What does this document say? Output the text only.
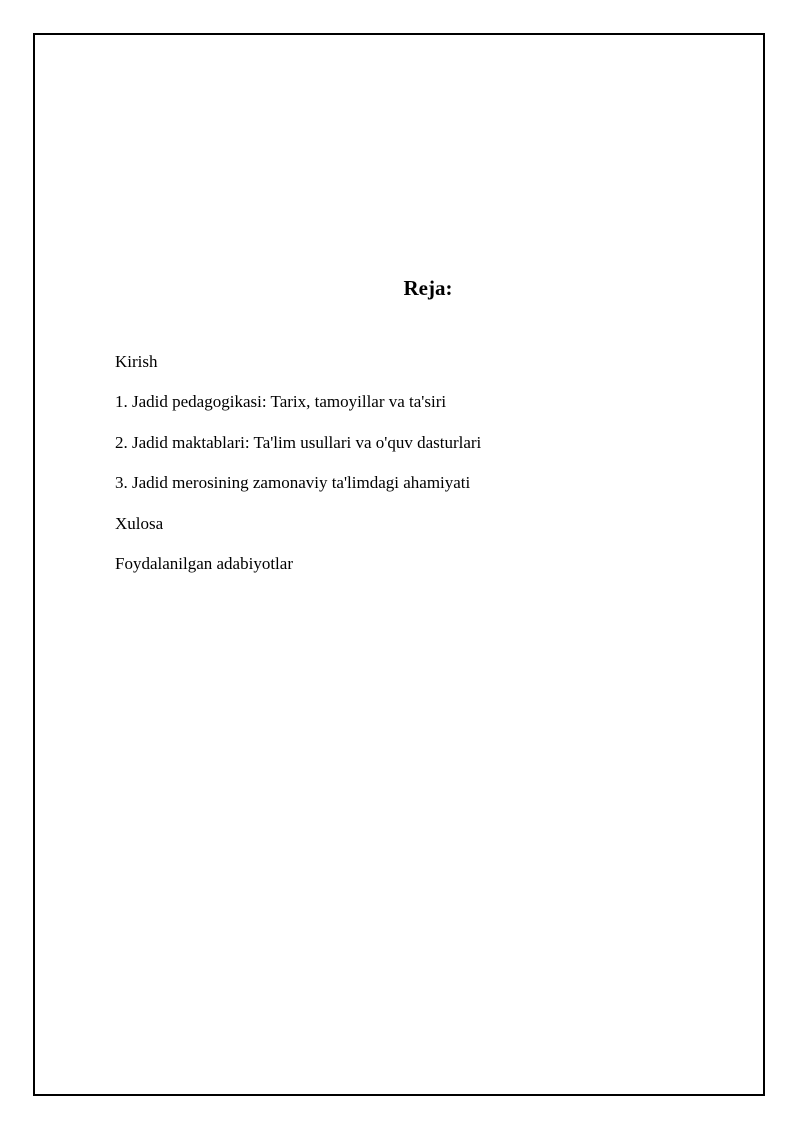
Reja:
Kirish
1. Jadid pedagogikasi: Tarix, tamoyillar va ta'siri
2. Jadid maktablari: Ta'lim usullari va o'quv dasturlari
3. Jadid merosining zamonaviy ta'limdagi ahamiyati
Xulosa
Foydalanilgan adabiyotlar
